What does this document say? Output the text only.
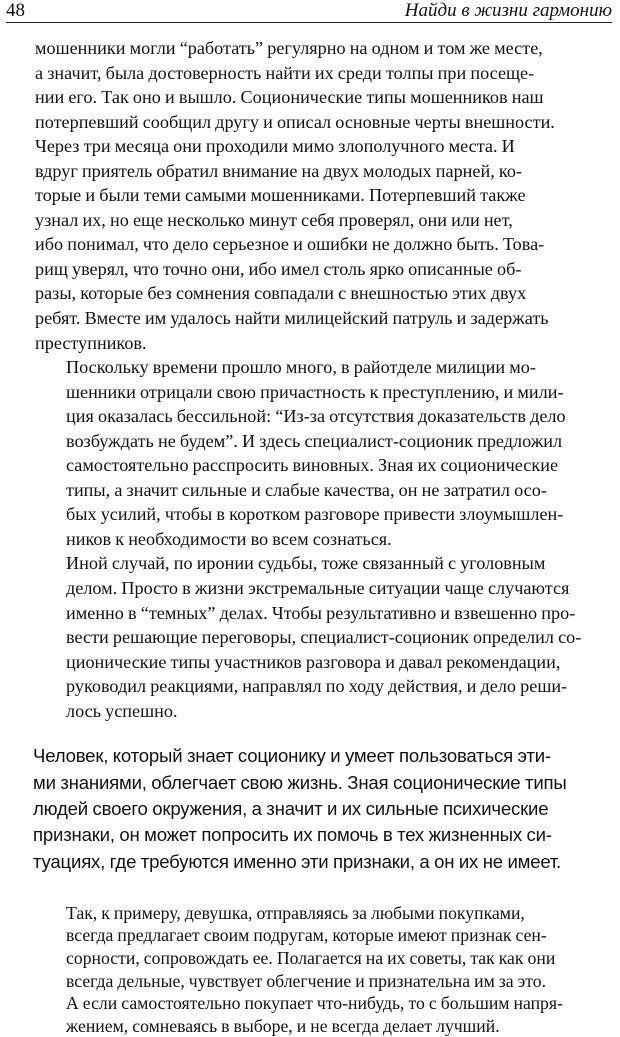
48	Найди в жизни гармонию

мошенники могли “работать” регулярно на одном и том же месте,
а значит, была достоверность найти их среди толпы при посеще-
нии его. Так оно и вышло. Соционические типы мошенников наш
потерпевший сообщил другу и описал основные черты внешности.
Через три месяца они проходили мимо злополучного места. И
вдруг приятель обратил внимание на двух молодых парней, ко-
торые и были теми самыми мошенниками. Потерпевший также
узнал их, но еще несколько минут себя проверял, они или нет,
ибо понимал, что дело серьезное и ошибки не должно быть. Това-
рищ уверял, что точно они, ибо имел столь ярко описанные об-
разы, которые без сомнения совпадали с внешностью этих двух
ребят. Вместе им удалось найти милицейский патруль и задержать
преступников.

Поскольку времени прошло много, в райотделе милиции мо-
шенники отрицали свою причастность к преступлению, и мили-
ция оказалась бессильной: “Из-за отсутствия доказательств дело
возбуждать не будем”. И здесь специалист-соционик предложил
самостоятельно расспросить виновных. Зная их соционические
типы, а значит сильные и слабые качества, он не затратил осо-
бых усилий, чтобы в коротком разговоре привести злоумышлен-
ников к необходимости во всем сознаться.

Иной случай, по иронии судьбы, тоже связанный с уголовным
делом. Просто в жизни экстремальные ситуации чаще случаются
именно в “темных” делах. Чтобы результативно и взвешенно про-
вести решающие переговоры, специалист-соционик определил со-
ционические типы участников разговора и давал рекомендации,
руководил реакциями, направлял по ходу действия, и дело реши-
лось успешно.

Человек, который знает соционику и умеет пользоваться эти-
ми знаниями, облегчает свою жизнь. Зная соционические типы
людей своего окружения, а значит и их сильные психические
признаки, он может попросить их помочь в тех жизненных си-
туациях, где требуются именно эти признаки, а он их не имеет.

Так, к примеру, девушка, отправляясь за любыми покупками,
всегда предлагает своим подругам, которые имеют признак сен-
сорности, сопровождать ее. Полагается на их советы, так как они
всегда дельные, чувствует облегчение и признательна им за это.
А если самостоятельно покупает что-нибудь, то с большим напря-
жением, сомневаясь в выборе, и не всегда делает лучший.
